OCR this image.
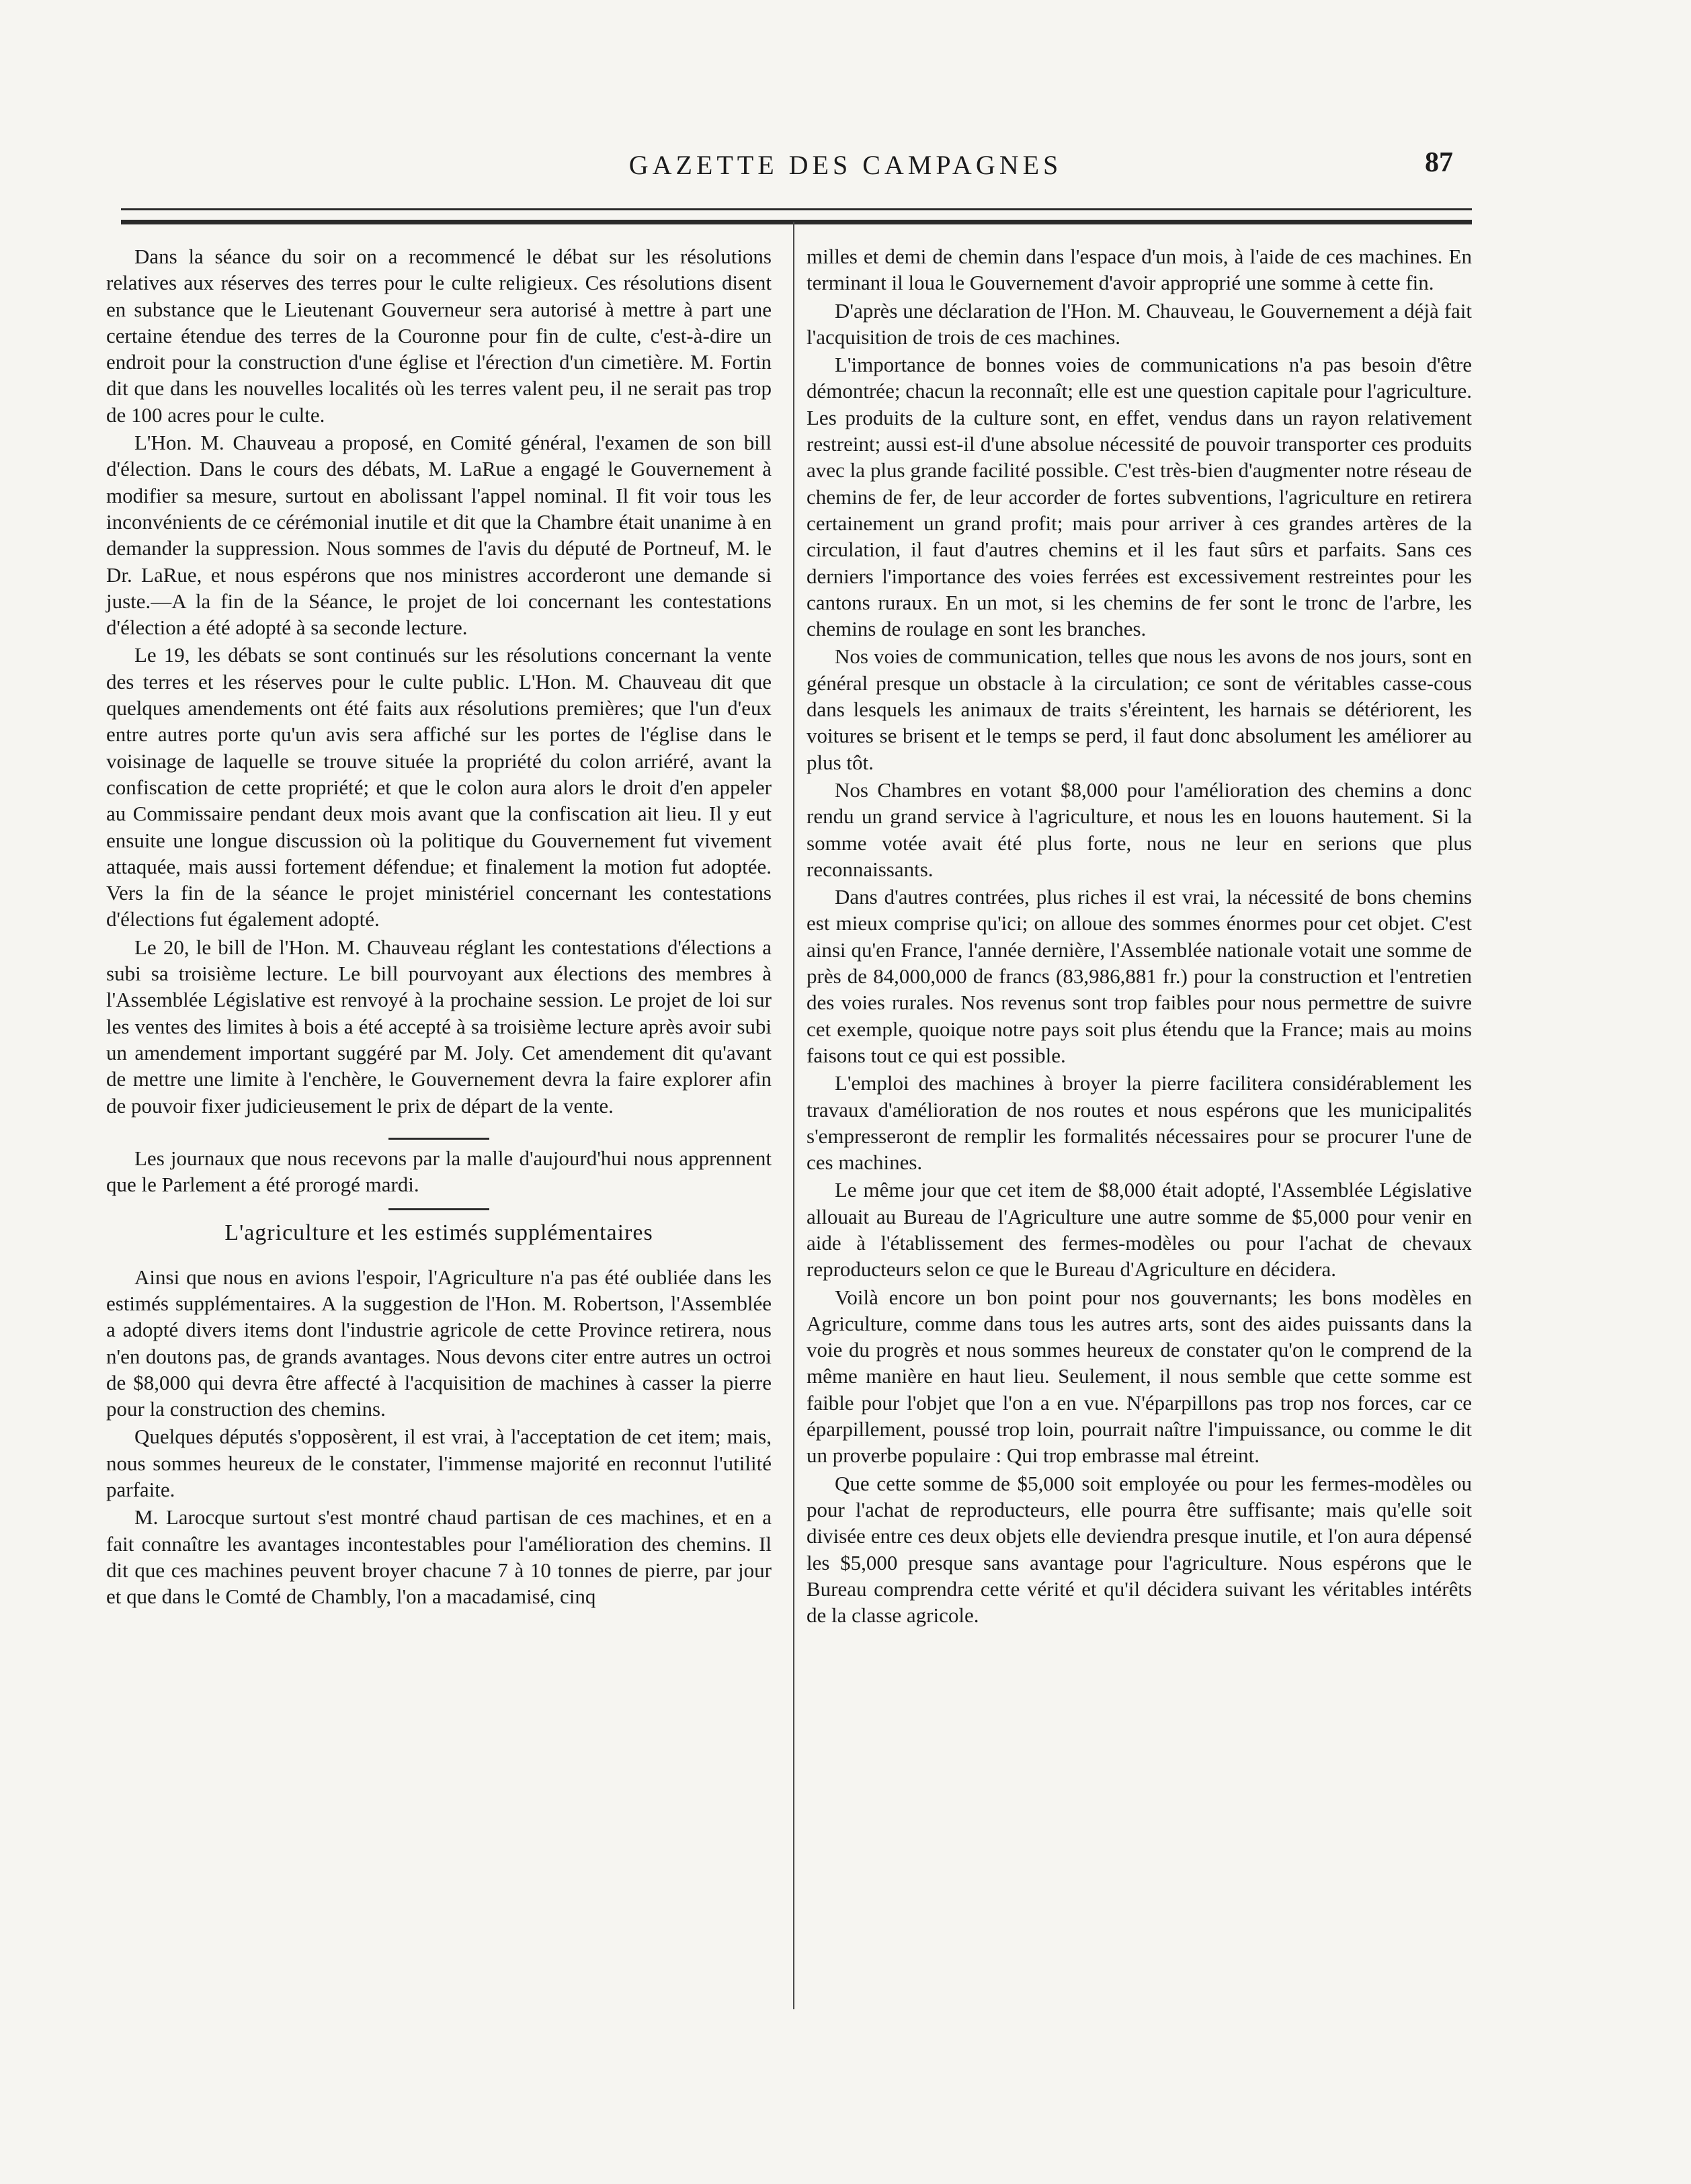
GAZETTE DES CAMPAGNES	87

Dans la séance du soir on a recommencé le débat sur les résolutions relatives aux réserves des terres pour le culte religieux. Ces résolutions disent en substance que le Lieutenant Gouverneur sera autorisé à mettre à part une certaine étendue des terres de la Couronne pour fin de culte, c'est-à-dire un endroit pour la construction d'une église et l'érection d'un cimetière. M. Fortin dit que dans les nouvelles localités où les terres valent peu, il ne serait pas trop de 100 acres pour le culte.

L'Hon. M. Chauveau a proposé, en Comité général, l'examen de son bill d'élection. Dans le cours des débats, M. LaRue a engagé le Gouvernement à modifier sa mesure, surtout en abolissant l'appel nominal. Il fit voir tous les inconvénients de ce cérémonial inutile et dit que la Chambre était unanime à en demander la suppression. Nous sommes de l'avis du député de Portneuf, M. le Dr. LaRue, et nous espérons que nos ministres accorderont une demande si juste.—A la fin de la Séance, le projet de loi concernant les contestations d'élection a été adopté à sa seconde lecture.

Le 19, les débats se sont continués sur les résolutions concernant la vente des terres et les réserves pour le culte public. L'Hon. M. Chauveau dit que quelques amendements ont été faits aux résolutions premières; que l'un d'eux entre autres porte qu'un avis sera affiché sur les portes de l'église dans le voisinage de laquelle se trouve située la propriété du colon arriéré, avant la confiscation de cette propriété; et que le colon aura alors le droit d'en appeler au Commissaire pendant deux mois avant que la confiscation ait lieu. Il y eut ensuite une longue discussion où la politique du Gouvernement fut vivement attaquée, mais aussi fortement défendue; et finalement la motion fut adoptée. Vers la fin de la séance le projet ministériel concernant les contestations d'élections fut également adopté.

Le 20, le bill de l'Hon. M. Chauveau réglant les contestations d'élections a subi sa troisième lecture. Le bill pourvoyant aux élections des membres à l'Assemblée Législative est renvoyé à la prochaine session. Le projet de loi sur les ventes des limites à bois a été accepté à sa troisième lecture après avoir subi un amendement important suggéré par M. Joly. Cet amendement dit qu'avant de mettre une limite à l'enchère, le Gouvernement devra la faire explorer afin de pouvoir fixer judicieusement le prix de départ de la vente.

Les journaux que nous recevons par la malle d'aujourd'hui nous apprennent que le Parlement a été prorogé mardi.

L'agriculture et les estimés supplémentaires

Ainsi que nous en avions l'espoir, l'Agriculture n'a pas été oubliée dans les estimés supplémentaires. A la suggestion de l'Hon. M. Robertson, l'Assemblée a adopté divers items dont l'industrie agricole de cette Province retirera, nous n'en doutons pas, de grands avantages. Nous devons citer entre autres un octroi de $8,000 qui devra être affecté à l'acquisition de machines à casser la pierre pour la construction des chemins.

Quelques députés s'opposèrent, il est vrai, à l'acceptation de cet item; mais, nous sommes heureux de le constater, l'immense majorité en reconnut l'utilité parfaite.

M. Larocque surtout s'est montré chaud partisan de ces machines, et en a fait connaître les avantages incontestables pour l'amélioration des chemins. Il dit que ces machines peuvent broyer chacune 7 à 10 tonnes de pierre, par jour et que dans le Comté de Chambly, l'on a macadamisé, cinq

milles et demi de chemin dans l'espace d'un mois, à l'aide de ces machines. En terminant il loua le Gouvernement d'avoir approprié une somme à cette fin.

D'après une déclaration de l'Hon. M. Chauveau, le Gouvernement a déjà fait l'acquisition de trois de ces machines.

L'importance de bonnes voies de communications n'a pas besoin d'être démontrée; chacun la reconnaît; elle est une question capitale pour l'agriculture. Les produits de la culture sont, en effet, vendus dans un rayon relativement restreint; aussi est-il d'une absolue nécessité de pouvoir transporter ces produits avec la plus grande facilité possible. C'est très-bien d'augmenter notre réseau de chemins de fer, de leur accorder de fortes subventions, l'agriculture en retirera certainement un grand profit; mais pour arriver à ces grandes artères de la circulation, il faut d'autres chemins et il les faut sûrs et parfaits. Sans ces derniers l'importance des voies ferrées est excessivement restreintes pour les cantons ruraux. En un mot, si les chemins de fer sont le tronc de l'arbre, les chemins de roulage en sont les branches.

Nos voies de communication, telles que nous les avons de nos jours, sont en général presque un obstacle à la circulation; ce sont de véritables casse-cous dans lesquels les animaux de traits s'éreintent, les harnais se détériorent, les voitures se brisent et le temps se perd, il faut donc absolument les améliorer au plus tôt.

Nos Chambres en votant $8,000 pour l'amélioration des chemins a donc rendu un grand service à l'agriculture, et nous les en louons hautement. Si la somme votée avait été plus forte, nous ne leur en serions que plus reconnaissants.

Dans d'autres contrées, plus riches il est vrai, la nécessité de bons chemins est mieux comprise qu'ici; on alloue des sommes énormes pour cet objet. C'est ainsi qu'en France, l'année dernière, l'Assemblée nationale votait une somme de près de 84,000,000 de francs (83,986,881 fr.) pour la construction et l'entretien des voies rurales. Nos revenus sont trop faibles pour nous permettre de suivre cet exemple, quoique notre pays soit plus étendu que la France; mais au moins faisons tout ce qui est possible.

L'emploi des machines à broyer la pierre facilitera considérablement les travaux d'amélioration de nos routes et nous espérons que les municipalités s'empresseront de remplir les formalités nécessaires pour se procurer l'une de ces machines.

Le même jour que cet item de $8,000 était adopté, l'Assemblée Législative allouait au Bureau de l'Agriculture une autre somme de $5,000 pour venir en aide à l'établissement des fermes-modèles ou pour l'achat de chevaux reproducteurs selon ce que le Bureau d'Agriculture en décidera.

Voilà encore un bon point pour nos gouvernants; les bons modèles en Agriculture, comme dans tous les autres arts, sont des aides puissants dans la voie du progrès et nous sommes heureux de constater qu'on le comprend de la même manière en haut lieu. Seulement, il nous semble que cette somme est faible pour l'objet que l'on a en vue. N'éparpillons pas trop nos forces, car ce éparpillement, poussé trop loin, pourrait naître l'impuissance, ou comme le dit un proverbe populaire : Qui trop embrasse mal étreint.

Que cette somme de $5,000 soit employée ou pour les fermes-modèles ou pour l'achat de reproducteurs, elle pourra être suffisante; mais qu'elle soit divisée entre ces deux objets elle deviendra presque inutile, et l'on aura dépensé les $5,000 presque sans avantage pour l'agriculture. Nous espérons que le Bureau comprendra cette vérité et qu'il décidera suivant les véritables intérêts de la classe agricole.
